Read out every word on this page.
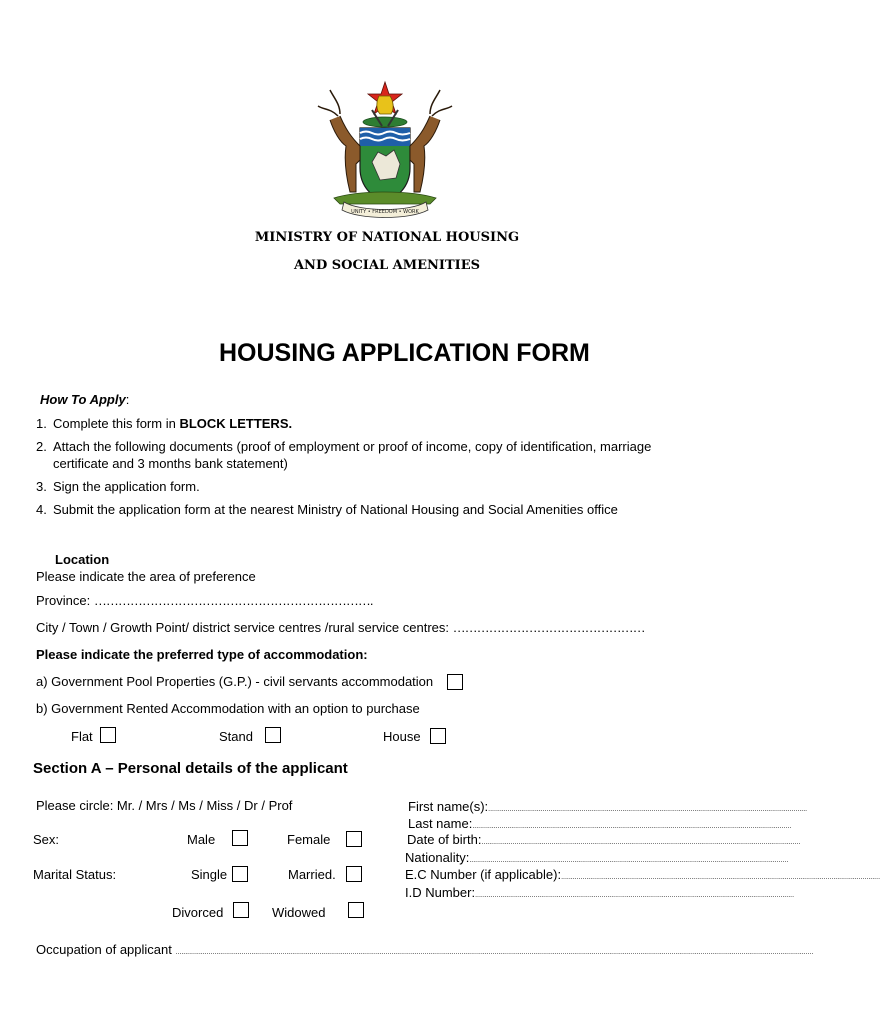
UNITY • FREEDOM • WORK
MINISTRY OF NATIONAL HOUSING
AND SOCIAL AMENITIES
HOUSING APPLICATION FORM
How To Apply:
1. Complete this form in BLOCK LETTERS.
2. Attach the following documents (proof of employment or proof of income, copy of identification, marriage
certificate and 3 months bank statement)
3. Sign the application form.
4. Submit the application form at the nearest Ministry of National Housing and Social Amenities office
Location
Please indicate the area of preference
Province: …………………………………………………………….
City / Town / Growth Point/ district service centres /rural service centres: …………………………………………
Please indicate the preferred type of accommodation:
a) Government Pool Properties (G.P.) - civil servants accommodation
b) Government Rented Accommodation with an option to purchase
Flat	Stand	House
Section A – Personal details of the applicant
Please circle: Mr. / Mrs / Ms / Miss / Dr / Prof
Sex:	Male	Female
Marital Status:	Single	Married.
Divorced	Widowed
First name(s):....................................................................................................................................................................
Last name:....................................................................................................................................................................
Date of birth:....................................................................................................................................................................
Nationality:....................................................................................................................................................................
E.C Number (if applicable):....................................................................................................................................................................
I.D Number:....................................................................................................................................................................
Occupation of applicant ........................................................................................................................................................................................................................................................................................................................................
